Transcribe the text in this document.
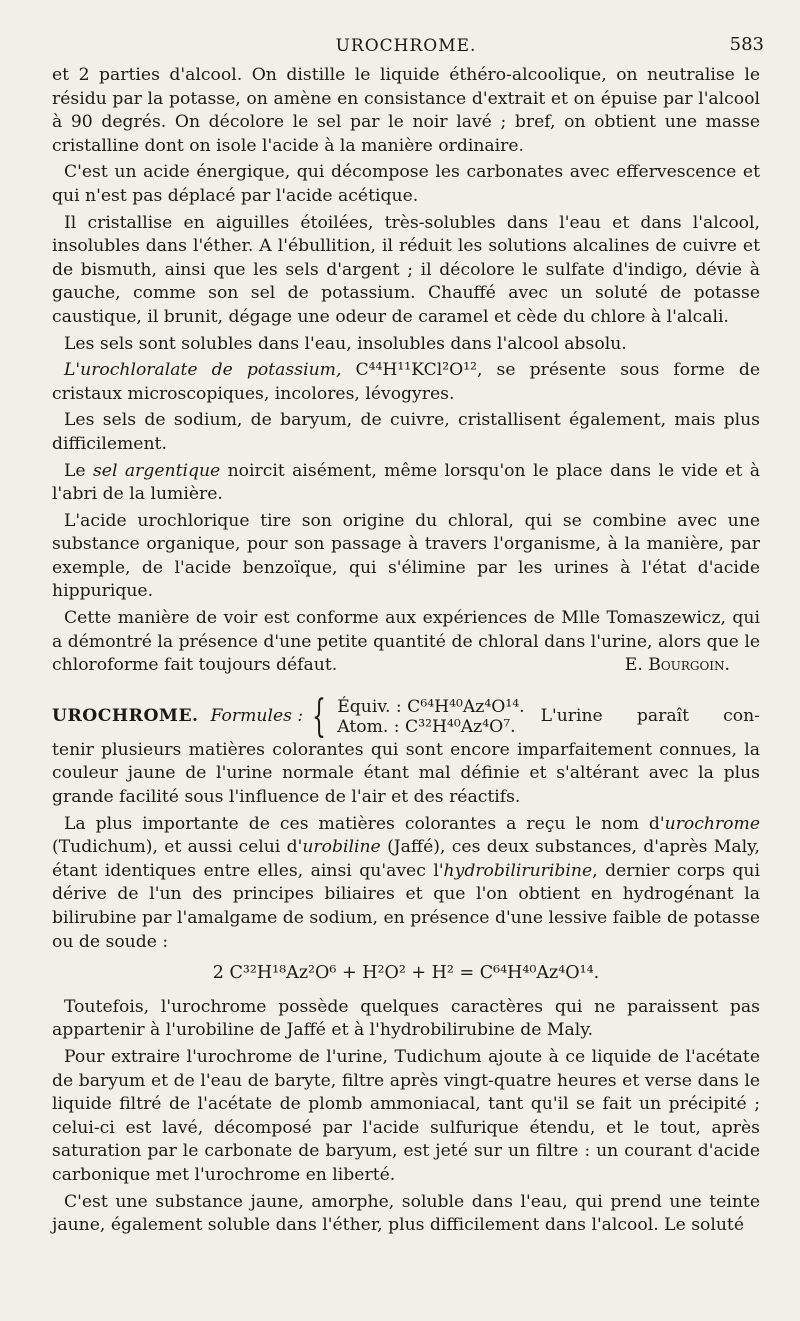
UROCHROME.	583

et 2 parties d'alcool. On distille le liquide éthéro-alcoolique, on neutralise le résidu par la potasse, on amène en consistance d'extrait et on épuise par l'alcool à 90 degrés. On décolore le sel par le noir lavé ; bref, on obtient une masse cristalline dont on isole l'acide à la manière ordinaire.

C'est un acide énergique, qui décompose les carbonates avec effervescence et qui n'est pas déplacé par l'acide acétique.

Il cristallise en aiguilles étoilées, très-solubles dans l'eau et dans l'alcool, insolubles dans l'éther. A l'ébullition, il réduit les solutions alcalines de cuivre et de bismuth, ainsi que les sels d'argent ; il décolore le sulfate d'indigo, dévie à gauche, comme son sel de potassium. Chauffé avec un soluté de potasse caustique, il brunit, dégage une odeur de caramel et cède du chlore à l'alcali.

Les sels sont solubles dans l'eau, insolubles dans l'alcool absolu.

L'urochloralate de potassium, C⁴⁴H¹¹KCl²O¹², se présente sous forme de cristaux microscopiques, incolores, lévogyres.

Les sels de sodium, de baryum, de cuivre, cristallisent également, mais plus difficilement.

Le sel argentique noircit aisément, même lorsqu'on le place dans le vide et à l'abri de la lumière.

L'acide urochlorique tire son origine du chloral, qui se combine avec une substance organique, pour son passage à travers l'organisme, à la manière, par exemple, de l'acide benzoïque, qui s'élimine par les urines à l'état d'acide hippurique.

Cette manière de voir est conforme aux expériences de Mlle Tomaszewicz, qui a démontré la présence d'une petite quantité de chloral dans l'urine, alors que le chloroforme fait toujours défaut.	E. Bourgoin.

UROCHROME. Formules : { Équiv. : C⁶⁴H⁴⁰Az⁴O¹⁴.
Atom. : C³²H⁴⁰Az⁴O⁷.
L'urine paraît con-

tenir plusieurs matières colorantes qui sont encore imparfaitement connues, la couleur jaune de l'urine normale étant mal définie et s'altérant avec la plus grande facilité sous l'influence de l'air et des réactifs.

La plus importante de ces matières colorantes a reçu le nom d'urochrome (Tudichum), et aussi celui d'urobiline (Jaffé), ces deux substances, d'après Maly, étant identiques entre elles, ainsi qu'avec l'hydrobiliruribine, dernier corps qui dérive de l'un des principes biliaires et que l'on obtient en hydrogénant la bilirubine par l'amalgame de sodium, en présence d'une lessive faible de potasse ou de soude :

2 C³²H¹⁸Az²O⁶ + H²O² + H² = C⁶⁴H⁴⁰Az⁴O¹⁴.

Toutefois, l'urochrome possède quelques caractères qui ne paraissent pas appartenir à l'urobiline de Jaffé et à l'hydrobilirubine de Maly.

Pour extraire l'urochrome de l'urine, Tudichum ajoute à ce liquide de l'acétate de baryum et de l'eau de baryte, filtre après vingt-quatre heures et verse dans le liquide filtré de l'acétate de plomb ammoniacal, tant qu'il se fait un précipité ; celui-ci est lavé, décomposé par l'acide sulfurique étendu, et le tout, après saturation par le carbonate de baryum, est jeté sur un filtre : un courant d'acide carbonique met l'urochrome en liberté.

C'est une substance jaune, amorphe, soluble dans l'eau, qui prend une teinte jaune, également soluble dans l'éther, plus difficilement dans l'alcool. Le soluté
